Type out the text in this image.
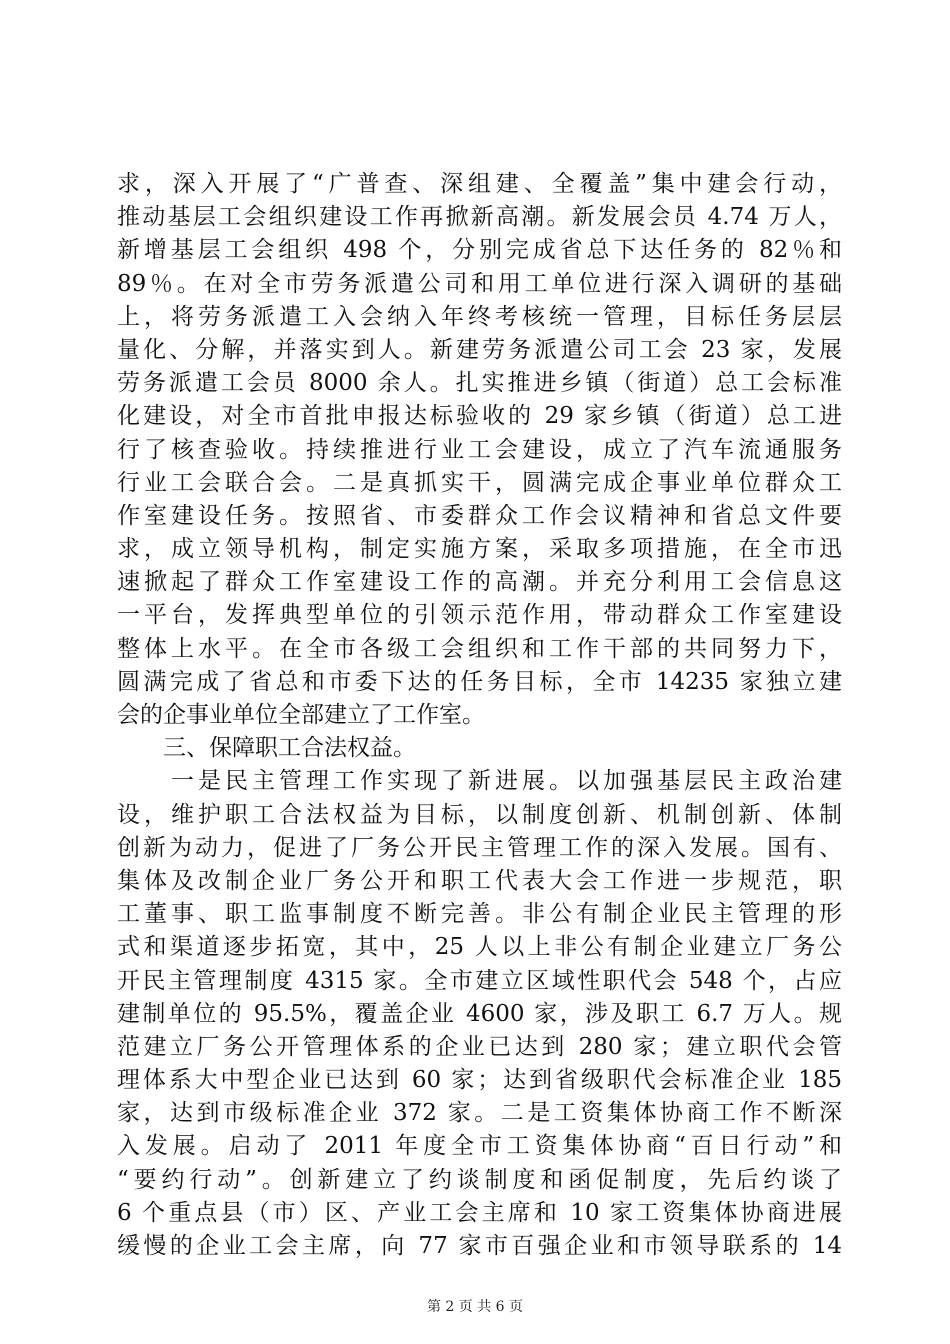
求，深入开展了“广普查、深组建、全覆盖”集中建会行动，
推动基层工会组织建设工作再掀新高潮。新发展会员 4.74 万人，
新增基层工会组织 498 个，分别完成省总下达任务的 82％和
89％。在对全市劳务派遣公司和用工单位进行深入调研的基础
上，将劳务派遣工入会纳入年终考核统一管理，目标任务层层
量化、分解，并落实到人。新建劳务派遣公司工会 23 家，发展
劳务派遣工会员 8000 余人。扎实推进乡镇（街道）总工会标准
化建设，对全市首批申报达标验收的 29 家乡镇（街道）总工进
行了核查验收。持续推进行业工会建设，成立了汽车流通服务
行业工会联合会。二是真抓实干，圆满完成企事业单位群众工
作室建设任务。按照省、市委群众工作会议精神和省总文件要
求，成立领导机构，制定实施方案，采取多项措施，在全市迅
速掀起了群众工作室建设工作的高潮。并充分利用工会信息这
一平台，发挥典型单位的引领示范作用，带动群众工作室建设
整体上水平。在全市各级工会组织和工作干部的共同努力下，
圆满完成了省总和市委下达的任务目标，全市 14235 家独立建
会的企事业单位全部建立了工作室。
　　三、保障职工合法权益。
　　一是民主管理工作实现了新进展。以加强基层民主政治建
设，维护职工合法权益为目标，以制度创新、机制创新、体制
创新为动力，促进了厂务公开民主管理工作的深入发展。国有、
集体及改制企业厂务公开和职工代表大会工作进一步规范，职
工董事、职工监事制度不断完善。非公有制企业民主管理的形
式和渠道逐步拓宽，其中，25 人以上非公有制企业建立厂务公
开民主管理制度 4315 家。全市建立区域性职代会 548 个，占应
建制单位的 95.5%，覆盖企业 4600 家，涉及职工 6.7 万人。规
范建立厂务公开管理体系的企业已达到 280 家；建立职代会管
理体系大中型企业已达到 60 家；达到省级职代会标准企业 185
家，达到市级标准企业 372 家。二是工资集体协商工作不断深
入发展。启动了 2011 年度全市工资集体协商“百日行动”和
“要约行动”。创新建立了约谈制度和函促制度，先后约谈了
6 个重点县（市）区、产业工会主席和 10 家工资集体协商进展
缓慢的企业工会主席，向 77 家市百强企业和市领导联系的 14
第 2 页 共 6 页
